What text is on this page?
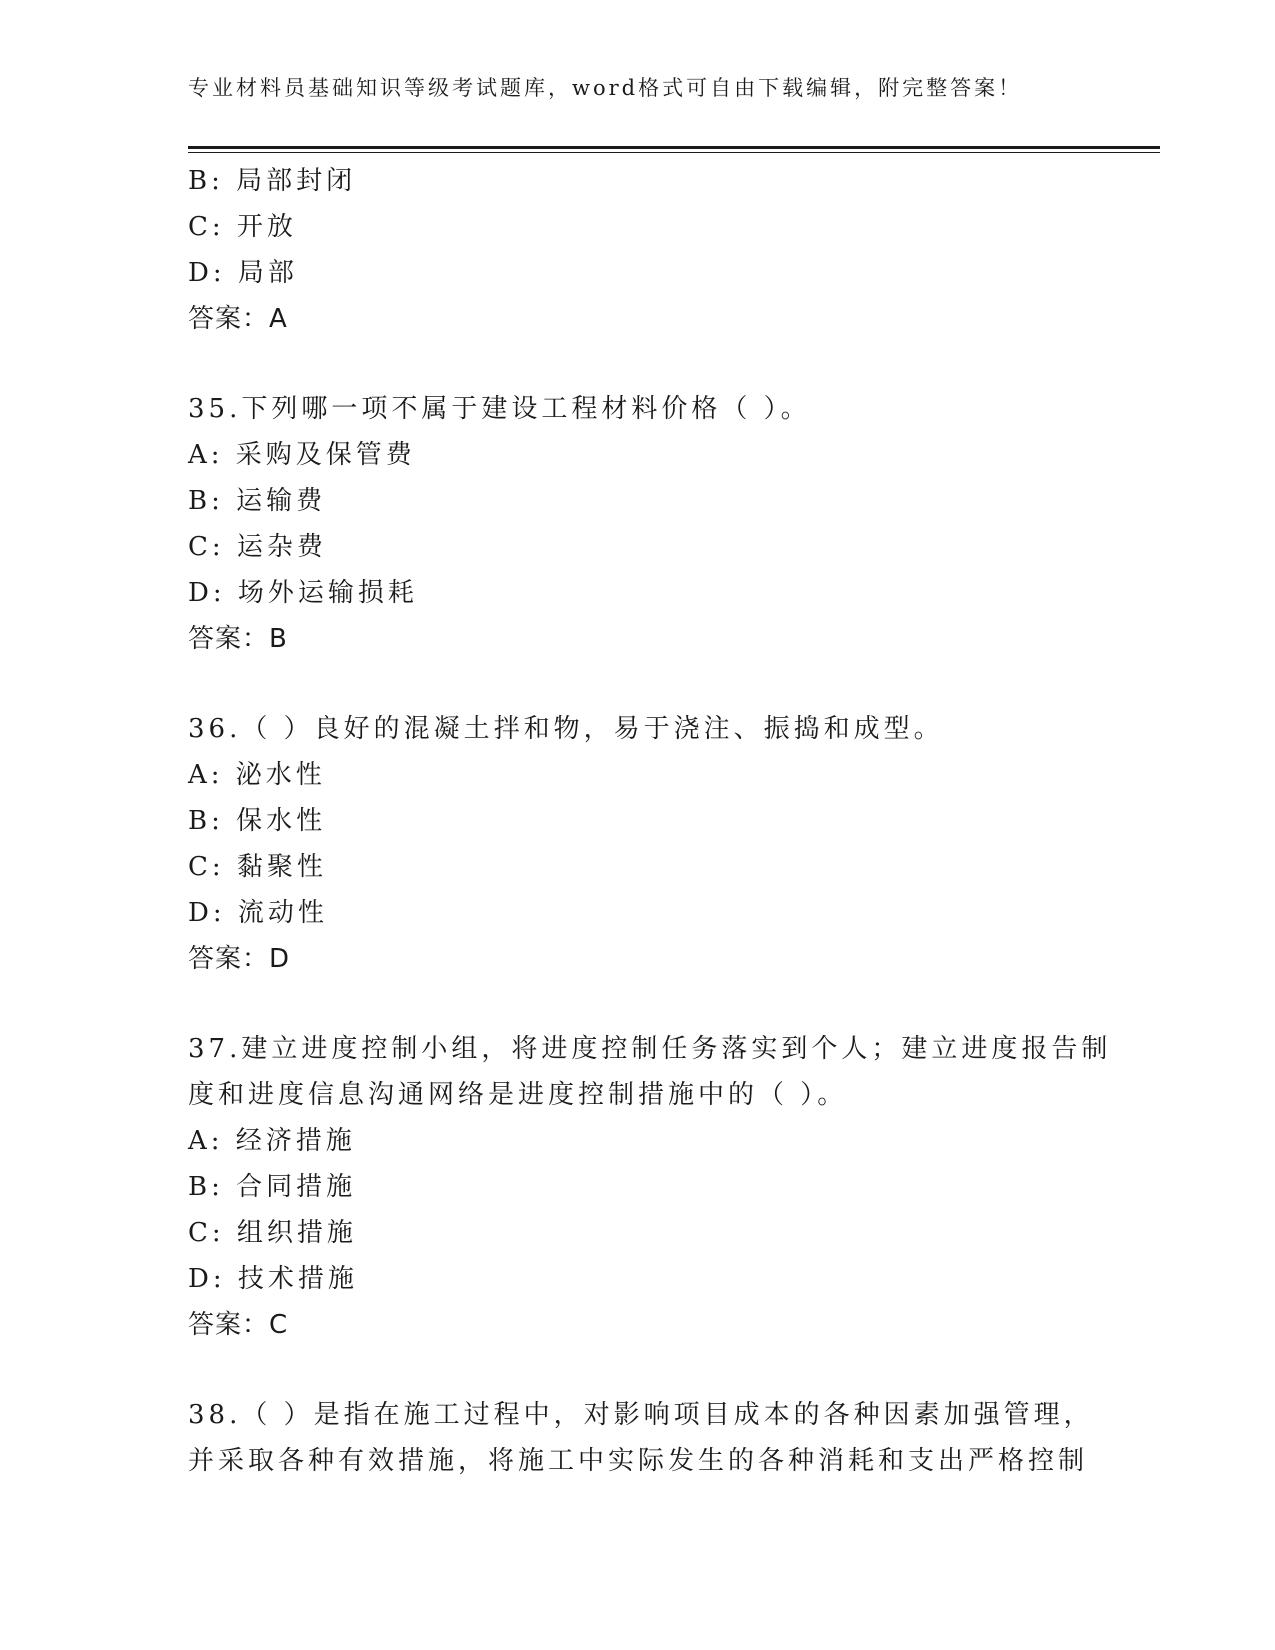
专业材料员基础知识等级考试题库，word格式可自由下载编辑，附完整答案！
B: 局部封闭
C: 开放
D: 局部
答案：A
35.下列哪一项不属于建设工程材料价格（ ）。
A: 采购及保管费
B: 运输费
C: 运杂费
D: 场外运输损耗
答案：B
36.（ ）良好的混凝土拌和物，易于浇注、振捣和成型。
A: 泌水性
B: 保水性
C: 黏聚性
D: 流动性
答案：D
37.建立进度控制小组，将进度控制任务落实到个人；建立进度报告制
度和进度信息沟通网络是进度控制措施中的（ ）。
A: 经济措施
B: 合同措施
C: 组织措施
D: 技术措施
答案：C
38.（ ）是指在施工过程中，对影响项目成本的各种因素加强管理，
并采取各种有效措施，将施工中实际发生的各种消耗和支出严格控制
